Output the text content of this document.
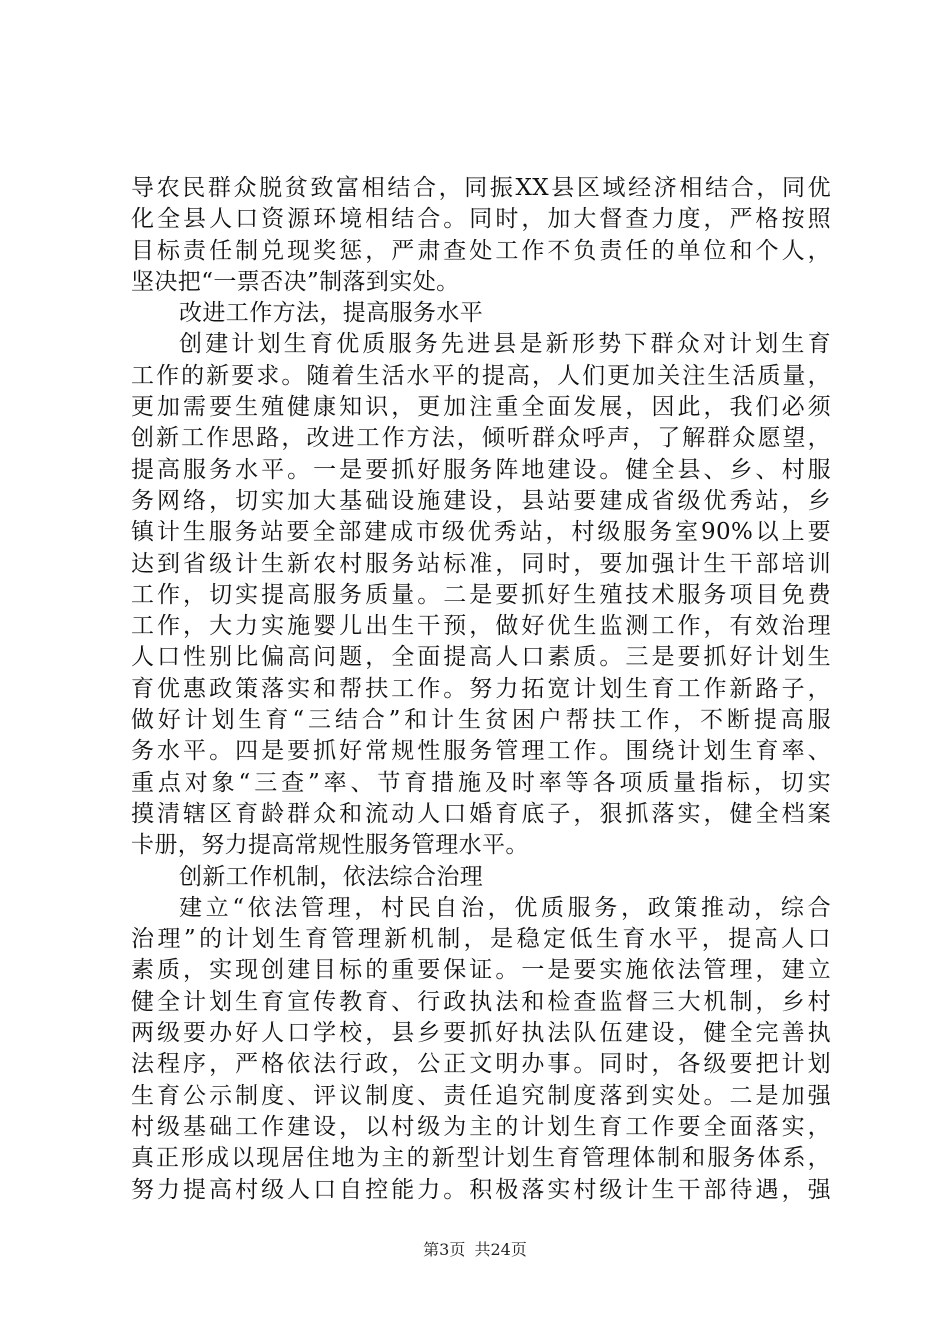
导农民群众脱贫致富相结合，同振XX县区域经济相结合，同优
化全县人口资源环境相结合。同时，加大督查力度，严格按照
目标责任制兑现奖惩，严肃查处工作不负责任的单位和个人，
坚决把“一票否决”制落到实处。
改进工作方法，提高服务水平
创建计划生育优质服务先进县是新形势下群众对计划生育
工作的新要求。随着生活水平的提高，人们更加关注生活质量，
更加需要生殖健康知识，更加注重全面发展，因此，我们必须
创新工作思路，改进工作方法，倾听群众呼声，了解群众愿望，
提高服务水平。一是要抓好服务阵地建设。健全县、乡、村服
务网络，切实加大基础设施建设，县站要建成省级优秀站，乡
镇计生服务站要全部建成市级优秀站，村级服务室90%以上要
达到省级计生新农村服务站标准，同时，要加强计生干部培训
工作，切实提高服务质量。二是要抓好生殖技术服务项目免费
工作，大力实施婴儿出生干预，做好优生监测工作，有效治理
人口性别比偏高问题，全面提高人口素质。三是要抓好计划生
育优惠政策落实和帮扶工作。努力拓宽计划生育工作新路子，
做好计划生育“三结合”和计生贫困户帮扶工作，不断提高服
务水平。四是要抓好常规性服务管理工作。围绕计划生育率、
重点对象“三查”率、节育措施及时率等各项质量指标，切实
摸清辖区育龄群众和流动人口婚育底子，狠抓落实，健全档案
卡册，努力提高常规性服务管理水平。
创新工作机制，依法综合治理
建立“依法管理，村民自治，优质服务，政策推动，综合
治理”的计划生育管理新机制，是稳定低生育水平，提高人口
素质，实现创建目标的重要保证。一是要实施依法管理，建立
健全计划生育宣传教育、行政执法和检查监督三大机制，乡村
两级要办好人口学校，县乡要抓好执法队伍建设，健全完善执
法程序，严格依法行政，公正文明办事。同时，各级要把计划
生育公示制度、评议制度、责任追究制度落到实处。二是加强
村级基础工作建设，以村级为主的计划生育工作要全面落实，
真正形成以现居住地为主的新型计划生育管理体制和服务体系，
努力提高村级人口自控能力。积极落实村级计生干部待遇，强
第3页 共24页
